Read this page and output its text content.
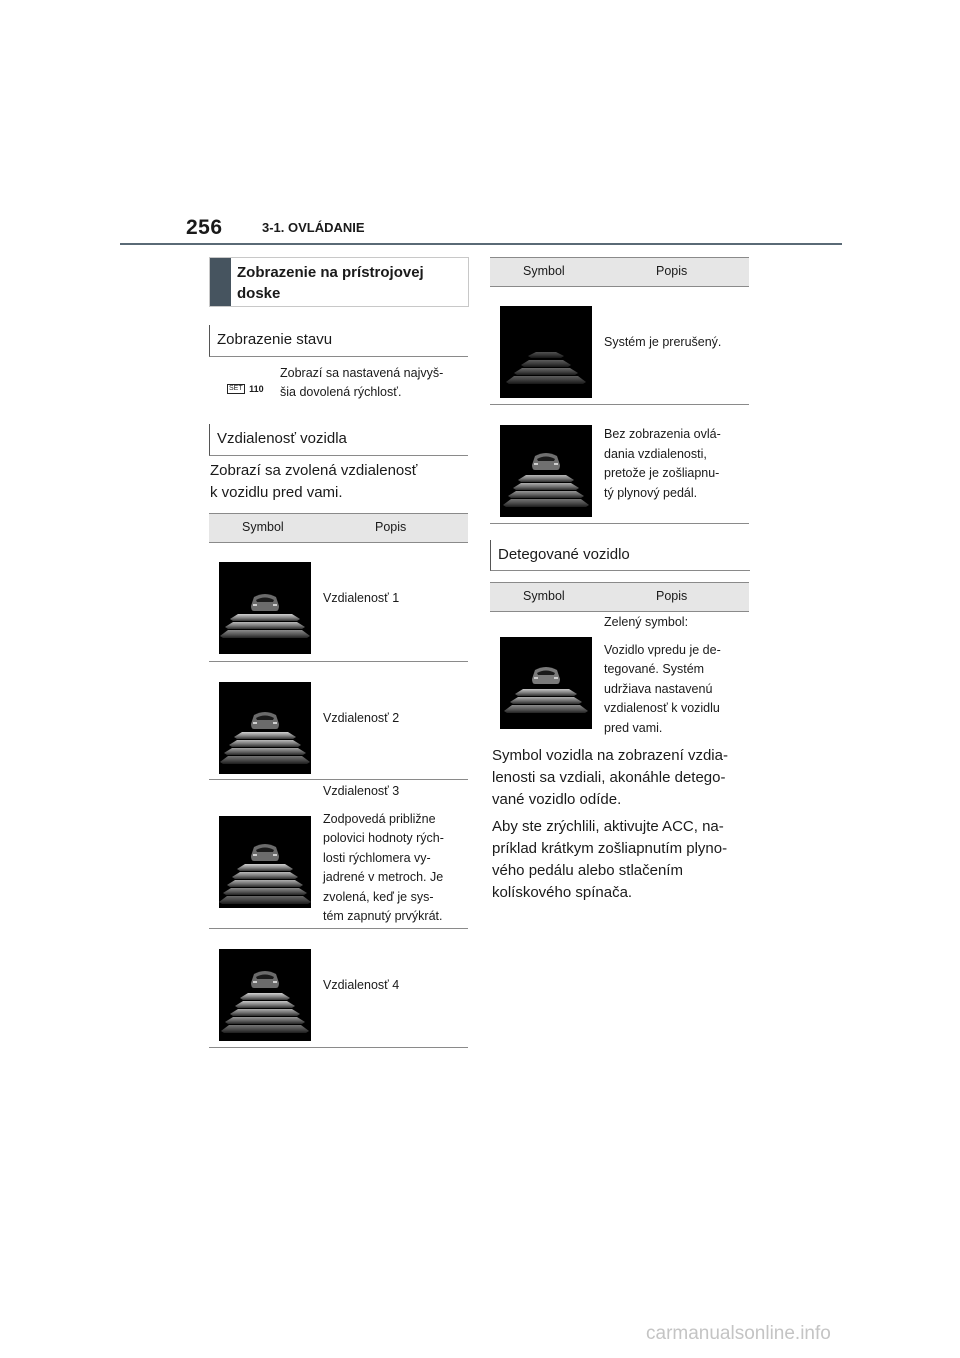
256	3-1. OVLÁDANIE
Zobrazenie na prístrojovej doske
Zobrazenie stavu
SET 110
Zobrazí sa nastavená najvyš-
šia dovolená rýchlosť.
Vzdialenosť vozidla
Zobrazí sa zvolená vzdialenosť
k vozidlu pred vami.
Symbol	Popis
Vzdialenosť 1
Vzdialenosť 2

Vzdialenosť 3

Zodpovedá približne
polovici hodnoty rých-
losti rýchlomera vy-
jadrené v metroch. Je
zvolená, keď je sys-
tém zapnutý prvýkrát.
Vzdialenosť 4
Symbol	Popis
Systém je prerušený.
Bez zobrazenia ovlá-
dania vzdialenosti,
pretože je zošliapnu-
tý plynový pedál.
Detegované vozidlo
Symbol	Popis

Zelený symbol:

Vozidlo vpredu je de-
tegované. Systém
udržiava nastavenú
vzdialenosť k vozidlu
pred vami.
Symbol vozidla na zobrazení vzdia-
lenosti sa vzdiali, akonáhle detego-
vané vozidlo odíde.
Aby ste zrýchlili, aktivujte ACC, na-
príklad krátkym zošliapnutím plyno-
vého pedálu alebo stlačením
kolískového spínača.
carmanualsonline.info
